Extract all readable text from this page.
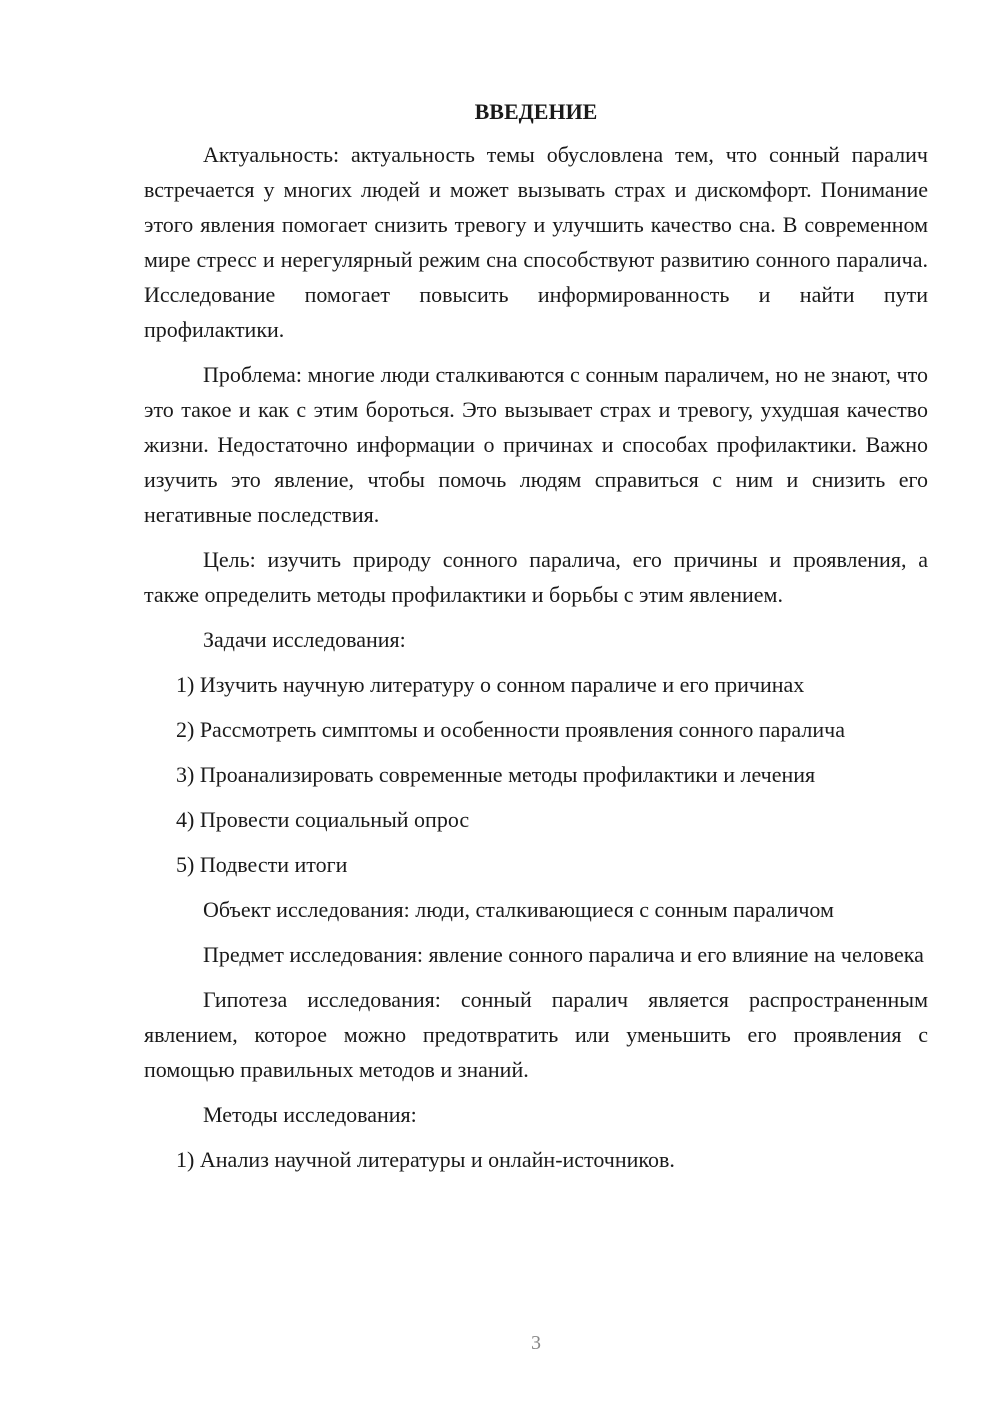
ВВЕДЕНИЕ

Актуальность: актуальность темы обусловлена тем, что сонный паралич встречается у многих людей и может вызывать страх и дискомфорт. Понимание этого явления помогает снизить тревогу и улучшить качество сна. В современном мире стресс и нерегулярный режим сна способствуют развитию сонного паралича. Исследование помогает повысить информированность и найти пути профилактики.

Проблема: многие люди сталкиваются с сонным параличем, но не знают, что это такое и как с этим бороться. Это вызывает страх и тревогу, ухудшая качество жизни. Недостаточно информации о причинах и способах профилактики. Важно изучить это явление, чтобы помочь людям справиться с ним и снизить его негативные последствия.

Цель: изучить природу сонного паралича, его причины и проявления, а также определить методы профилактики и борьбы с этим явлением.

Задачи исследования:

1) Изучить научную литературу о сонном параличе и его причинах

2) Рассмотреть симптомы и особенности проявления сонного паралича

3) Проанализировать современные методы профилактики и лечения

4) Провести социальный опрос

5) Подвести итоги

Объект исследования: люди, сталкивающиеся с сонным параличом

Предмет исследования: явление сонного паралича и его влияние на человека

Гипотеза исследования: сонный паралич является распространенным явлением, которое можно предотвратить или уменьшить его проявления с помощью правильных методов и знаний.

Методы исследования:

1) Анализ научной литературы и онлайн-источников.

3
